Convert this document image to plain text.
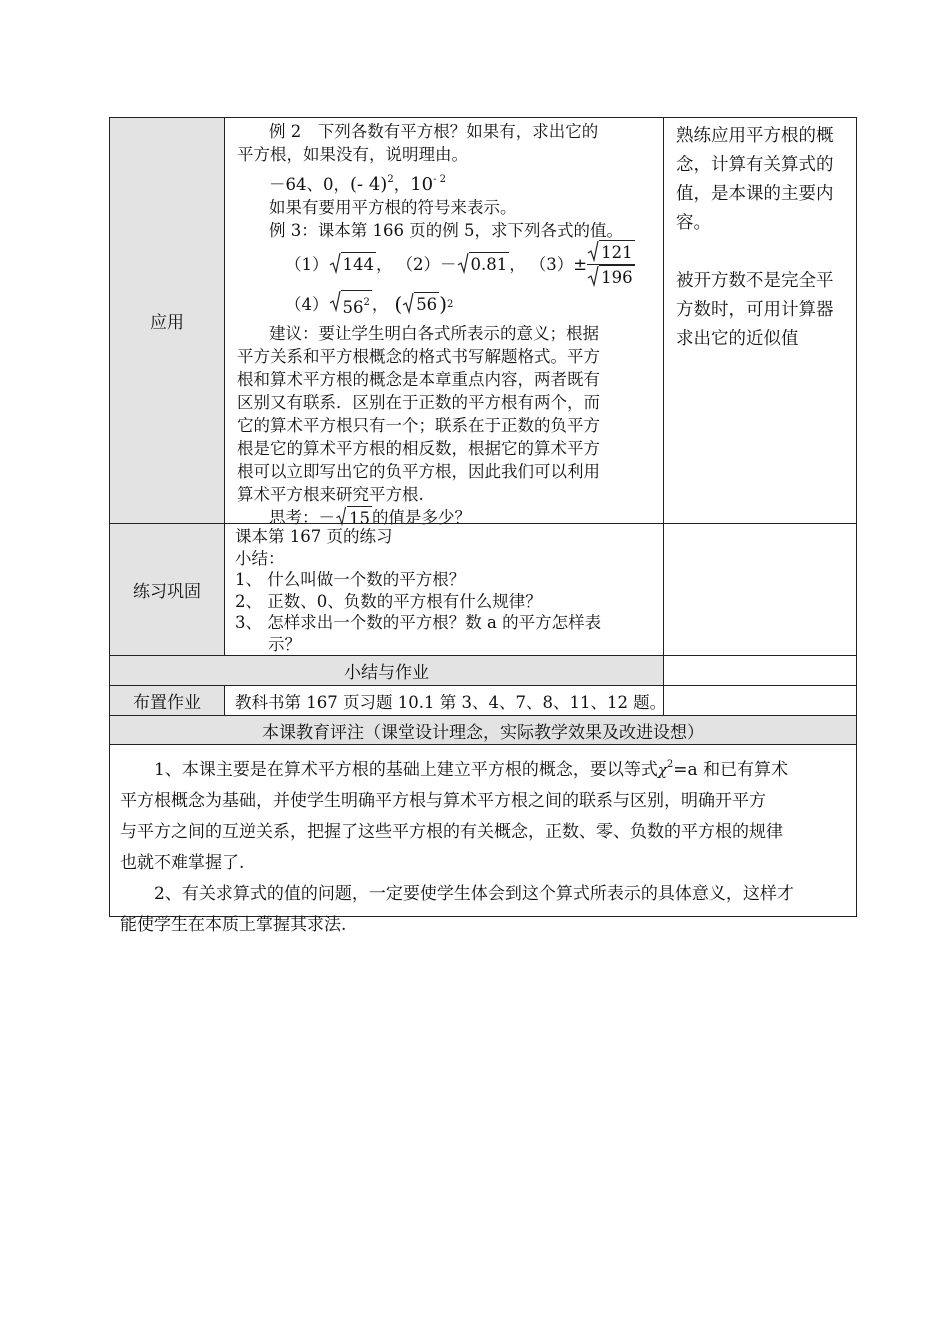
应用
例 2　下列各数有平方根？如果有，求出它的
平方根，如果没有，说明理由。
－64、0，(- 4)$^2$，$10^{- 2}$
如果有要用平方根的符号来表示。
例 3：课本第 166 页的例 5，求下列各式的值。
（1） 144 ， （2）－ 0.81 ， $(3)\pm \frac{121}{196}$
（4） $56^2$ ， ( 56 ) 2
建议：要让学生明白各式所表示的意义；根据
平方关系和平方根概念的格式书写解题格式。平方
根和算术平方根的概念是本章重点内容，两者既有
区别又有联系．区别在于正数的平方根有两个，而
它的算术平方根只有一个；联系在于正数的负平方
根是它的算术平方根的相反数，根据它的算术平方
根可以立即写出它的负平方根，因此我们可以利用
算术平方根来研究平方根.
思考：－ 15 的值是多少？
熟练应用平方根的概
念，计算有关算式的
值，是本课的主要内
容。
被开方数不是完全平
方数时，可用计算器
求出它的近似值
练习巩固
课本第 167 页的练习
小结：
1、 什么叫做一个数的平方根？
2、 正数、0、负数的平方根有什么规律？
3、 怎样求出一个数的平方根？数 a 的平方怎样表
　　示？
小结与作业
布置作业 教科书第 167 页习题 10.1 第 3、4、7、8、11、12 题。
本课教育评注（课堂设计理念，实际教学效果及改进设想）
1、本课主要是在算术平方根的基础上建立平方根的概念，要以等式$\chi^2=a$ 和已有算术
平方根概念为基础，并使学生明确平方根与算术平方根之间的联系与区别，明确开平方
与平方之间的互逆关系，把握了这些平方根的有关概念，正数、零、负数的平方根的规律
也就不难掌握了.
2、有关求算式的值的问题，一定要使学生体会到这个算式所表示的具体意义，这样才
能使学生在本质上掌握其求法.
